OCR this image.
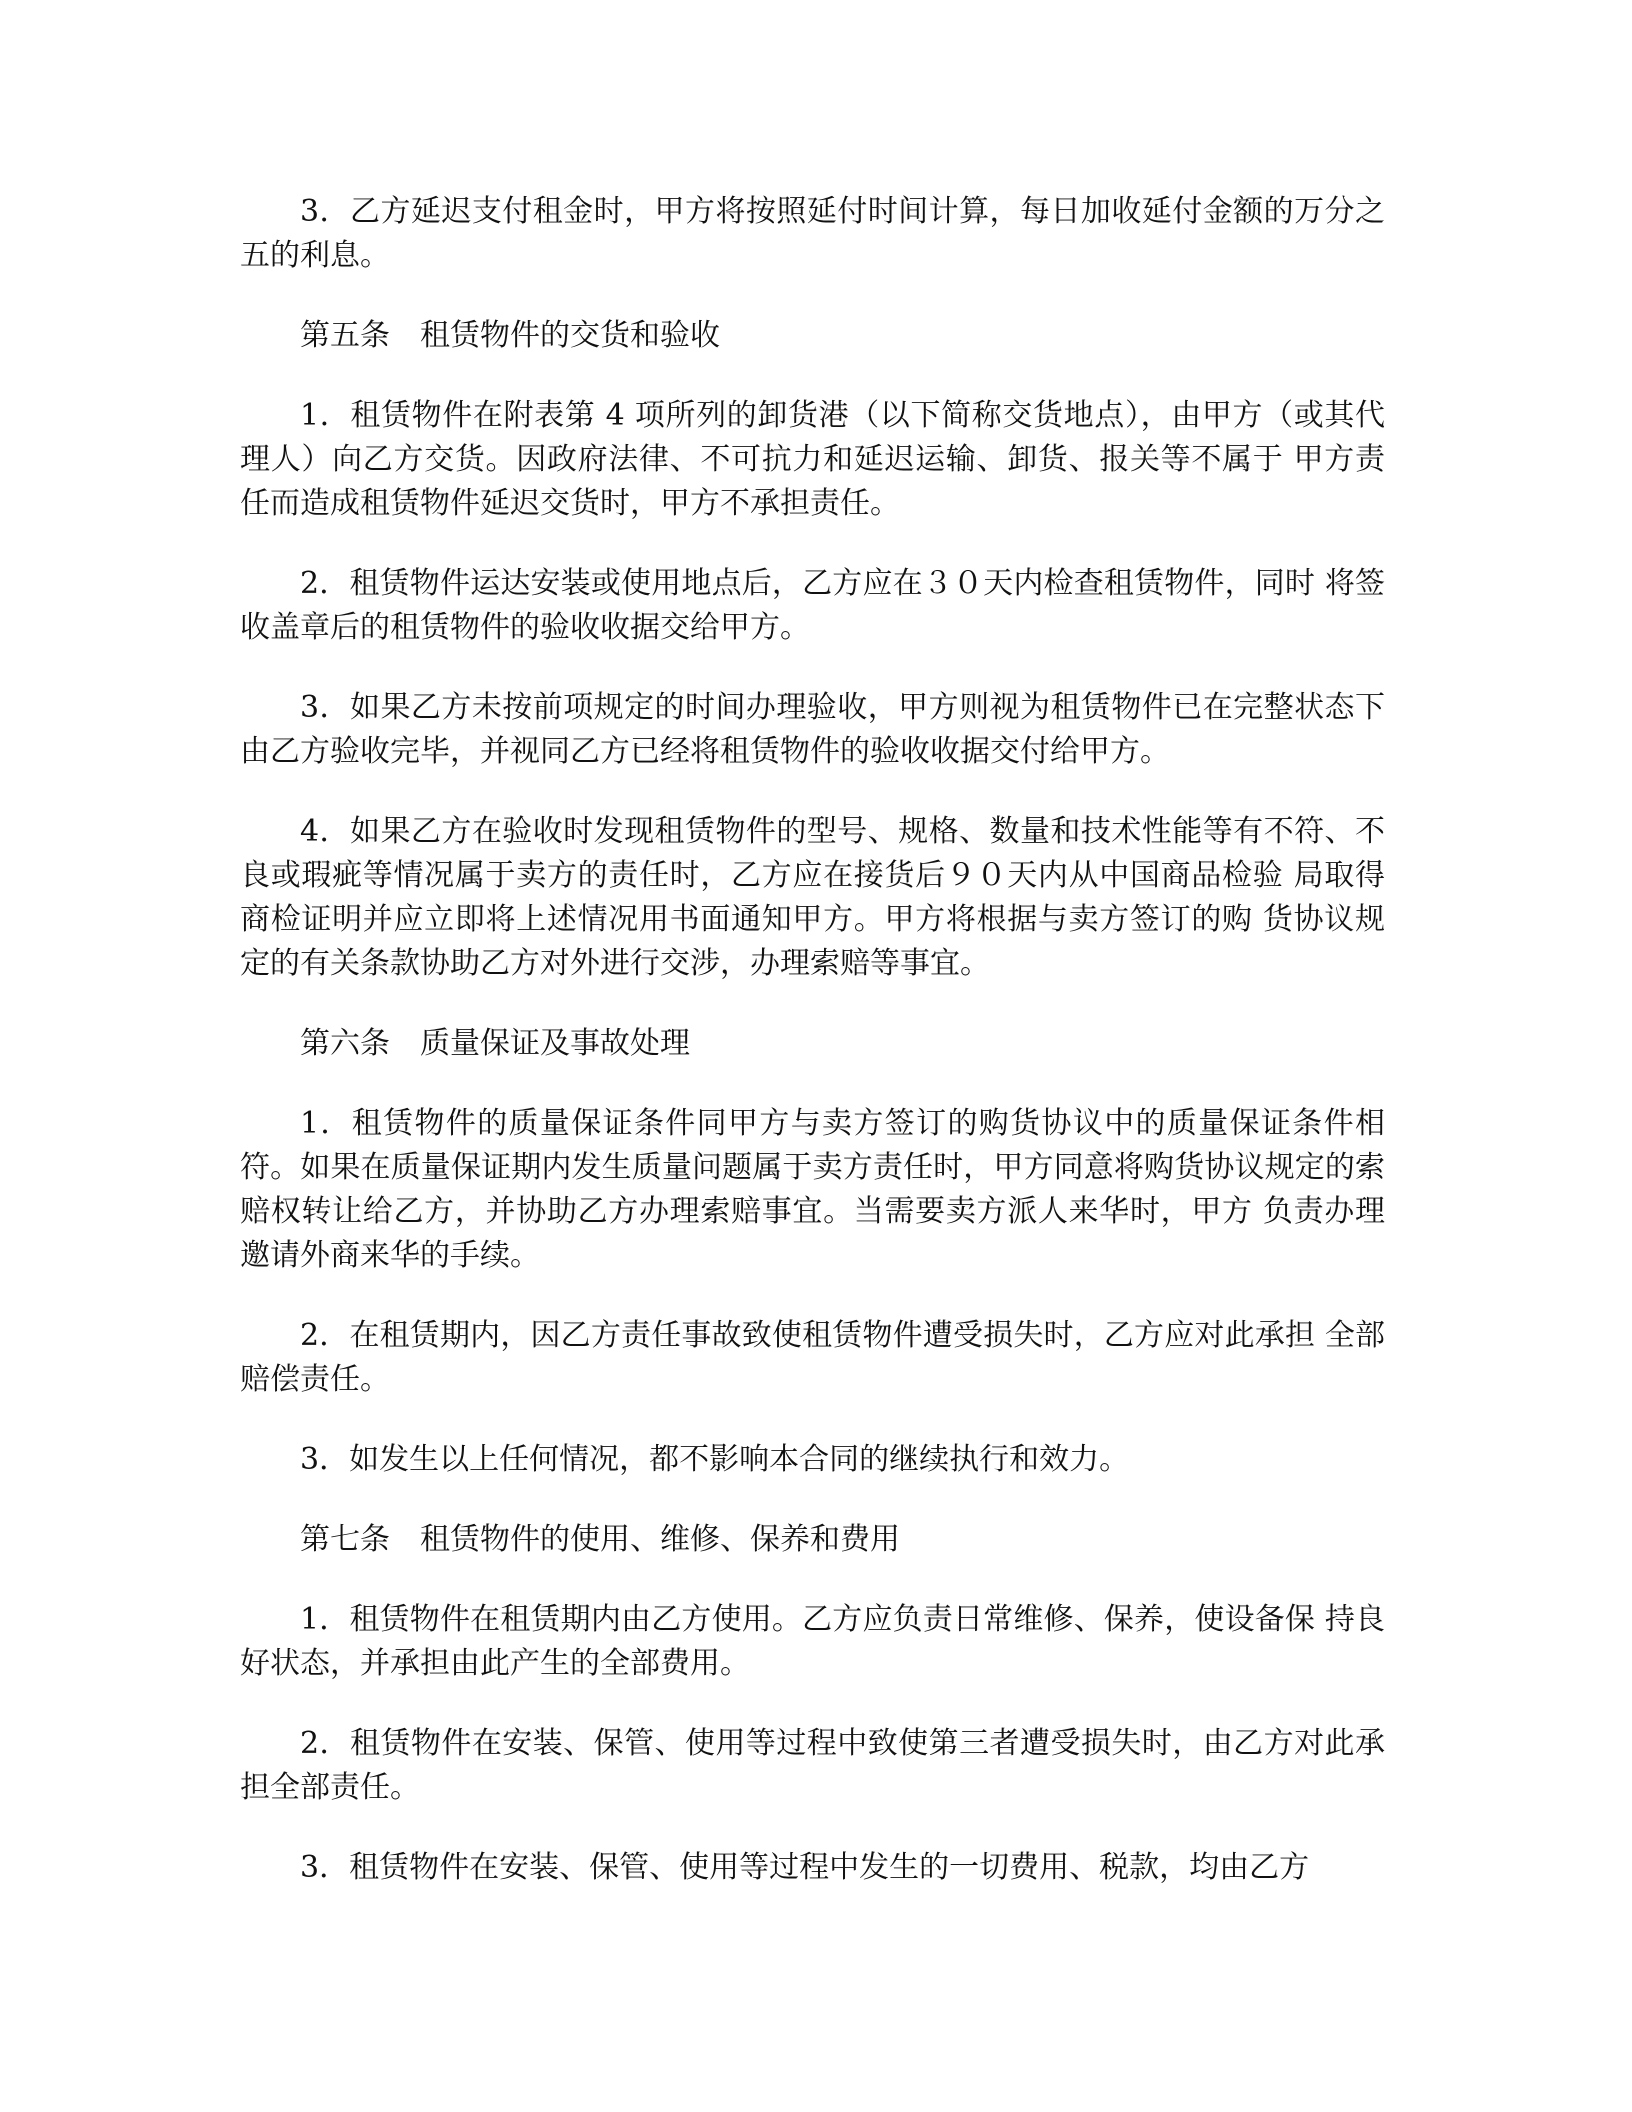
3．乙方延迟支付租金时，甲方将按照延付时间计算，每日加收延付金额的万分之五的利息。

第五条　租赁物件的交货和验收

1．租赁物件在附表第 4 项所列的卸货港（以下简称交货地点），由甲方（或其代理人）向乙方交货。因政府法律、不可抗力和延迟运输、卸货、报关等不属于 甲方责任而造成租赁物件延迟交货时，甲方不承担责任。

2．租赁物件运达安装或使用地点后，乙方应在３０天内检查租赁物件，同时 将签收盖章后的租赁物件的验收收据交给甲方。

3．如果乙方未按前项规定的时间办理验收，甲方则视为租赁物件已在完整状态下由乙方验收完毕，并视同乙方已经将租赁物件的验收收据交付给甲方。

4．如果乙方在验收时发现租赁物件的型号、规格、数量和技术性能等有不符、不良或瑕疵等情况属于卖方的责任时，乙方应在接货后９０天内从中国商品检验 局取得商检证明并应立即将上述情况用书面通知甲方。甲方将根据与卖方签订的购 货协议规定的有关条款协助乙方对外进行交涉，办理索赔等事宜。

第六条　质量保证及事故处理

1．租赁物件的质量保证条件同甲方与卖方签订的购货协议中的质量保证条件相符。如果在质量保证期内发生质量问题属于卖方责任时，甲方同意将购货协议规定的索赔权转让给乙方，并协助乙方办理索赔事宜。当需要卖方派人来华时，甲方 负责办理邀请外商来华的手续。

2．在租赁期内，因乙方责任事故致使租赁物件遭受损失时，乙方应对此承担 全部赔偿责任。

3．如发生以上任何情况，都不影响本合同的继续执行和效力。

第七条　租赁物件的使用、维修、保养和费用

1．租赁物件在租赁期内由乙方使用。乙方应负责日常维修、保养，使设备保 持良好状态，并承担由此产生的全部费用。

2．租赁物件在安装、保管、使用等过程中致使第三者遭受损失时，由乙方对此承担全部责任。

3．租赁物件在安装、保管、使用等过程中发生的一切费用、税款，均由乙方
